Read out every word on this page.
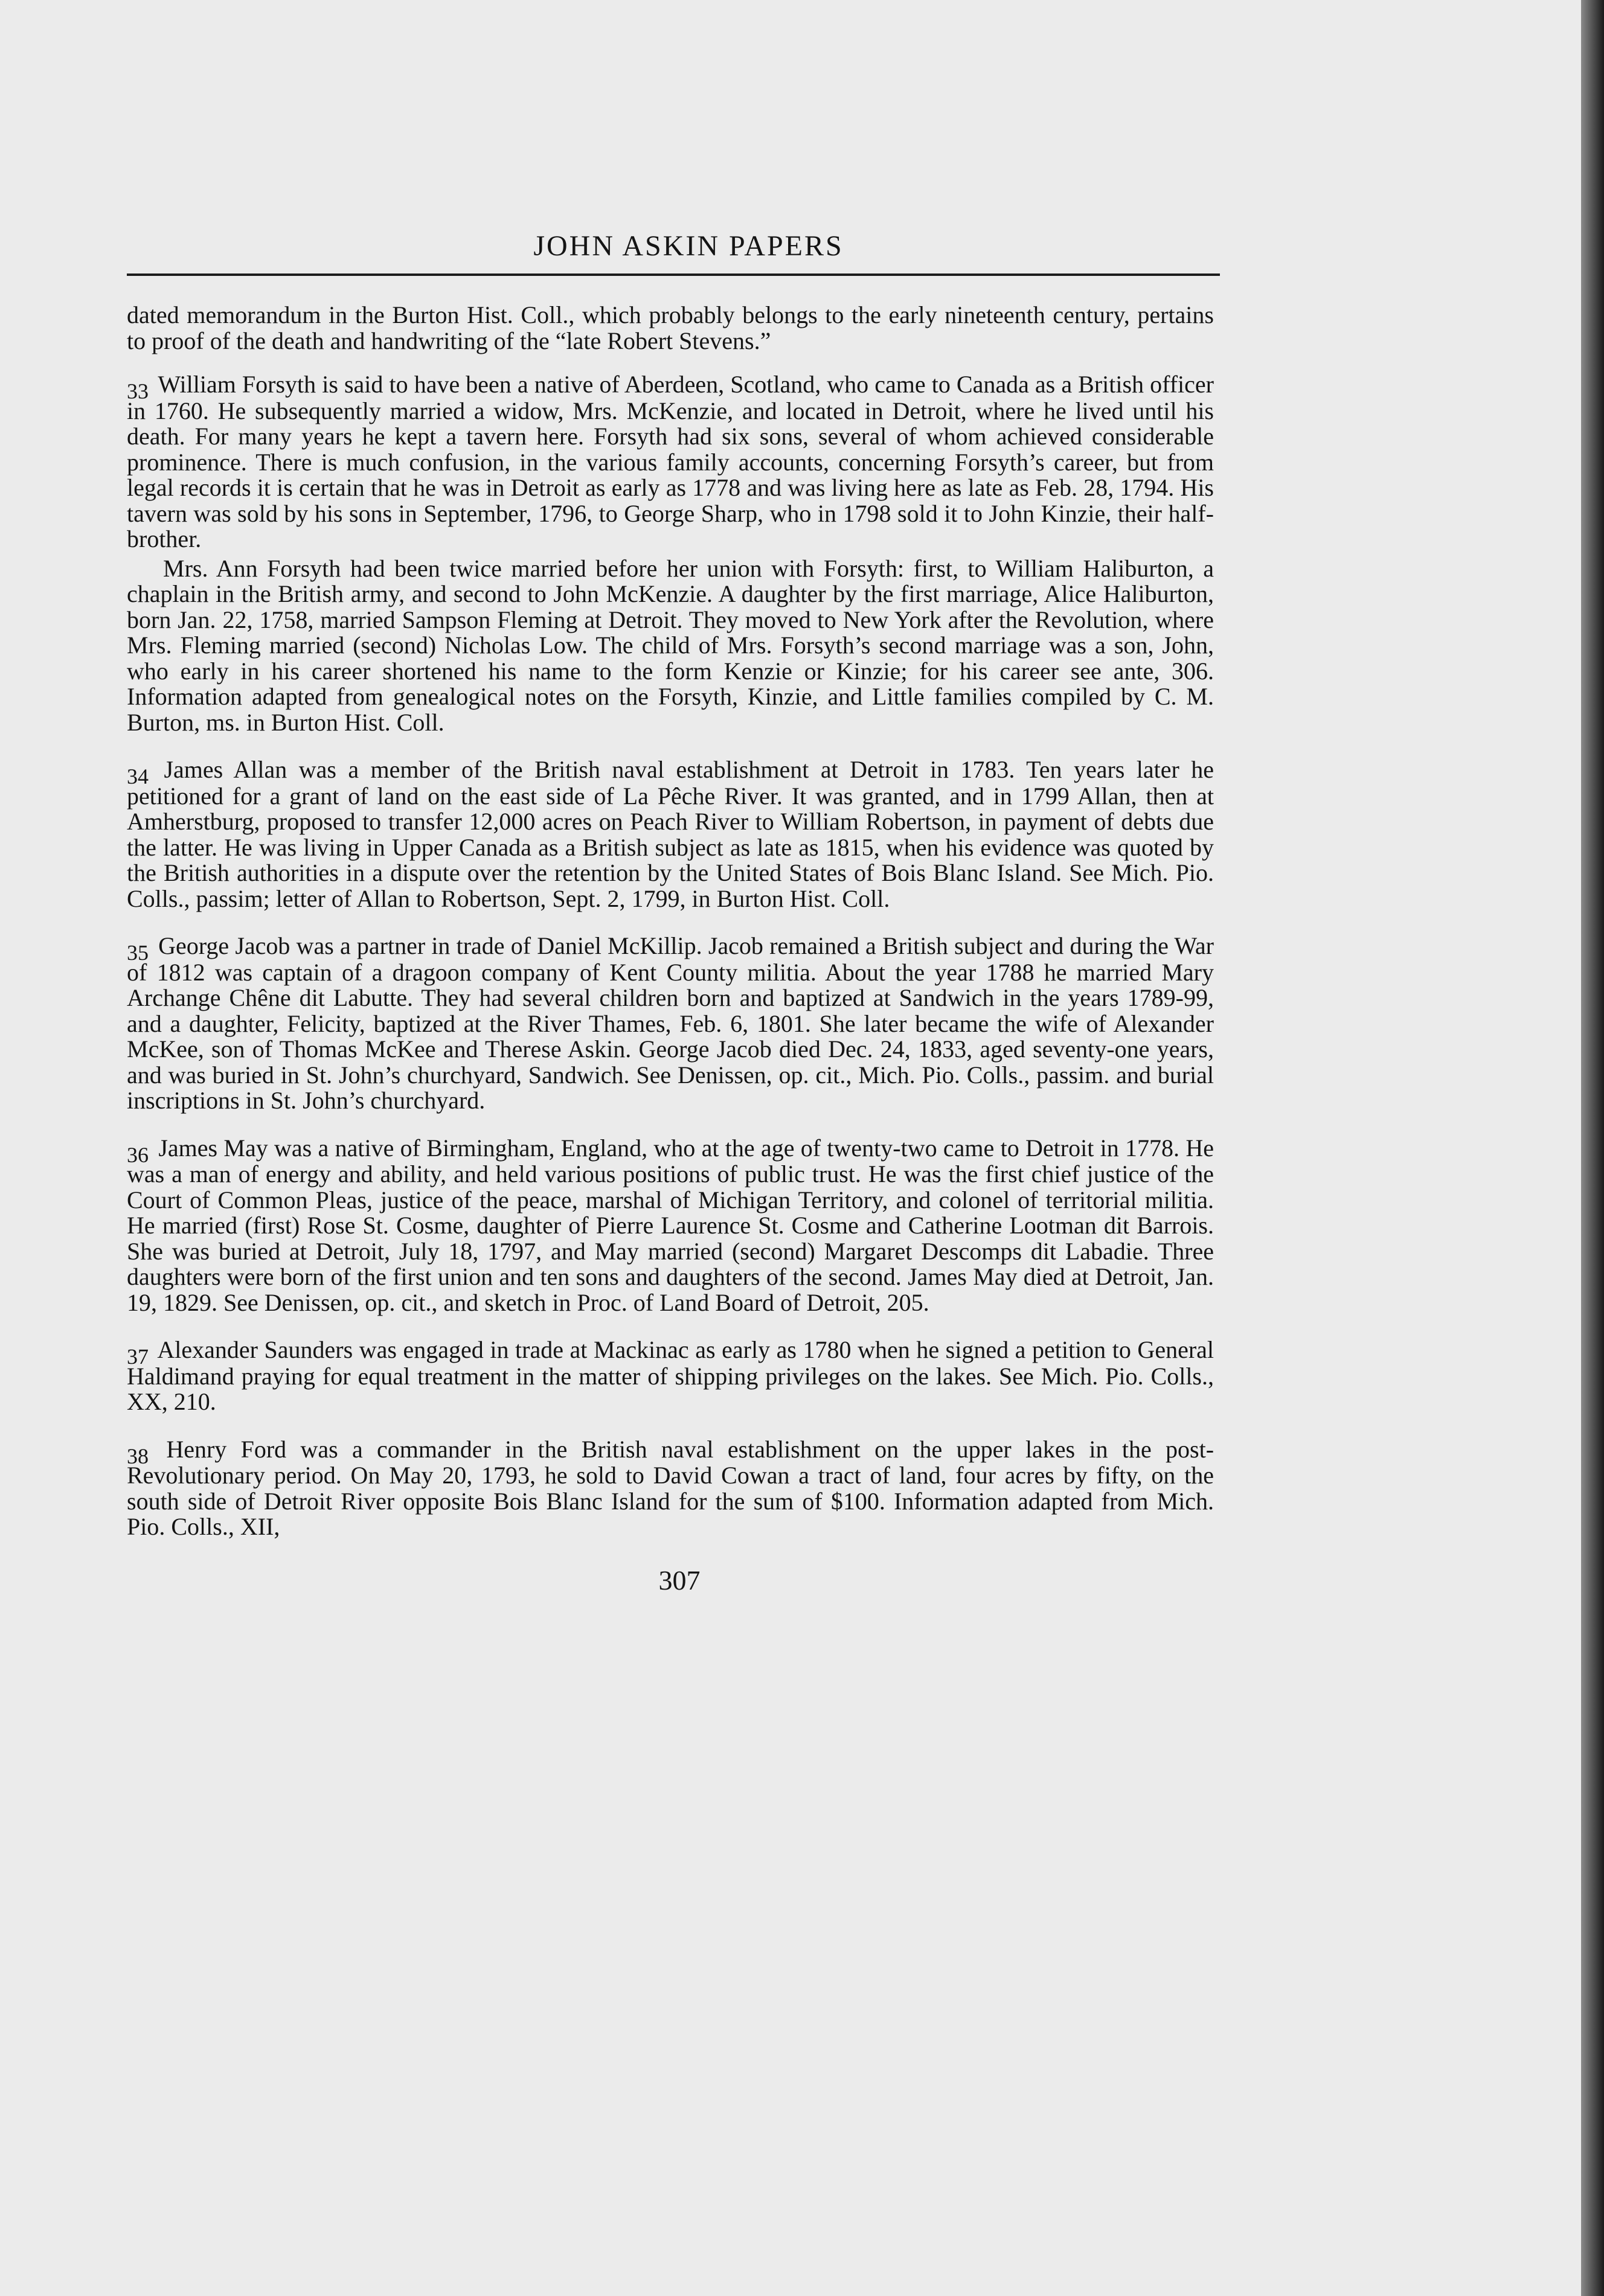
JOHN ASKIN PAPERS

dated memorandum in the Burton Hist. Coll., which probably belongs to the early nineteenth century, pertains to proof of the death and handwriting of the “late Robert Stevens.”

33 William Forsyth is said to have been a native of Aberdeen, Scotland, who came to Canada as a British officer in 1760. He subsequently married a widow, Mrs. McKenzie, and located in Detroit, where he lived until his death. For many years he kept a tavern here. Forsyth had six sons, several of whom achieved considerable prominence. There is much confusion, in the various family accounts, concerning Forsyth’s career, but from legal records it is certain that he was in Detroit as early as 1778 and was living here as late as Feb. 28, 1794. His tavern was sold by his sons in September, 1796, to George Sharp, who in 1798 sold it to John Kinzie, their half-brother.

Mrs. Ann Forsyth had been twice married before her union with Forsyth: first, to William Haliburton, a chaplain in the British army, and second to John McKenzie. A daughter by the first marriage, Alice Haliburton, born Jan. 22, 1758, married Sampson Fleming at Detroit. They moved to New York after the Revolution, where Mrs. Fleming married (second) Nicholas Low. The child of Mrs. Forsyth’s second marriage was a son, John, who early in his career shortened his name to the form Kenzie or Kinzie; for his career see ante, 306. Information adapted from genealogical notes on the Forsyth, Kinzie, and Little families compiled by C. M. Burton, ms. in Burton Hist. Coll.

34 James Allan was a member of the British naval establishment at Detroit in 1783. Ten years later he petitioned for a grant of land on the east side of La Pêche River. It was granted, and in 1799 Allan, then at Amherstburg, proposed to transfer 12,000 acres on Peach River to William Robertson, in payment of debts due the latter. He was living in Upper Canada as a British subject as late as 1815, when his evidence was quoted by the British authorities in a dispute over the retention by the United States of Bois Blanc Island. See Mich. Pio. Colls., passim; letter of Allan to Robertson, Sept. 2, 1799, in Burton Hist. Coll.

35 George Jacob was a partner in trade of Daniel McKillip. Jacob remained a British subject and during the War of 1812 was captain of a dragoon company of Kent County militia. About the year 1788 he married Mary Archange Chêne dit Labutte. They had several children born and baptized at Sandwich in the years 1789-99, and a daughter, Felicity, baptized at the River Thames, Feb. 6, 1801. She later became the wife of Alexander McKee, son of Thomas McKee and Therese Askin. George Jacob died Dec. 24, 1833, aged seventy-one years, and was buried in St. John’s churchyard, Sandwich. See Denissen, op. cit., Mich. Pio. Colls., passim. and burial inscriptions in St. John’s churchyard.

36 James May was a native of Birmingham, England, who at the age of twenty-two came to Detroit in 1778. He was a man of energy and ability, and held various positions of public trust. He was the first chief justice of the Court of Common Pleas, justice of the peace, marshal of Michigan Territory, and colonel of territorial militia. He married (first) Rose St. Cosme, daughter of Pierre Laurence St. Cosme and Catherine Lootman dit Barrois. She was buried at Detroit, July 18, 1797, and May married (second) Margaret Descomps dit Labadie. Three daughters were born of the first union and ten sons and daughters of the second. James May died at Detroit, Jan. 19, 1829. See Denissen, op. cit., and sketch in Proc. of Land Board of Detroit, 205.

37 Alexander Saunders was engaged in trade at Mackinac as early as 1780 when he signed a petition to General Haldimand praying for equal treatment in the matter of shipping privileges on the lakes. See Mich. Pio. Colls., XX, 210.

38 Henry Ford was a commander in the British naval establishment on the upper lakes in the post-Revolutionary period. On May 20, 1793, he sold to David Cowan a tract of land, four acres by fifty, on the south side of Detroit River opposite Bois Blanc Island for the sum of $100. Information adapted from Mich. Pio. Colls., XII,

307
